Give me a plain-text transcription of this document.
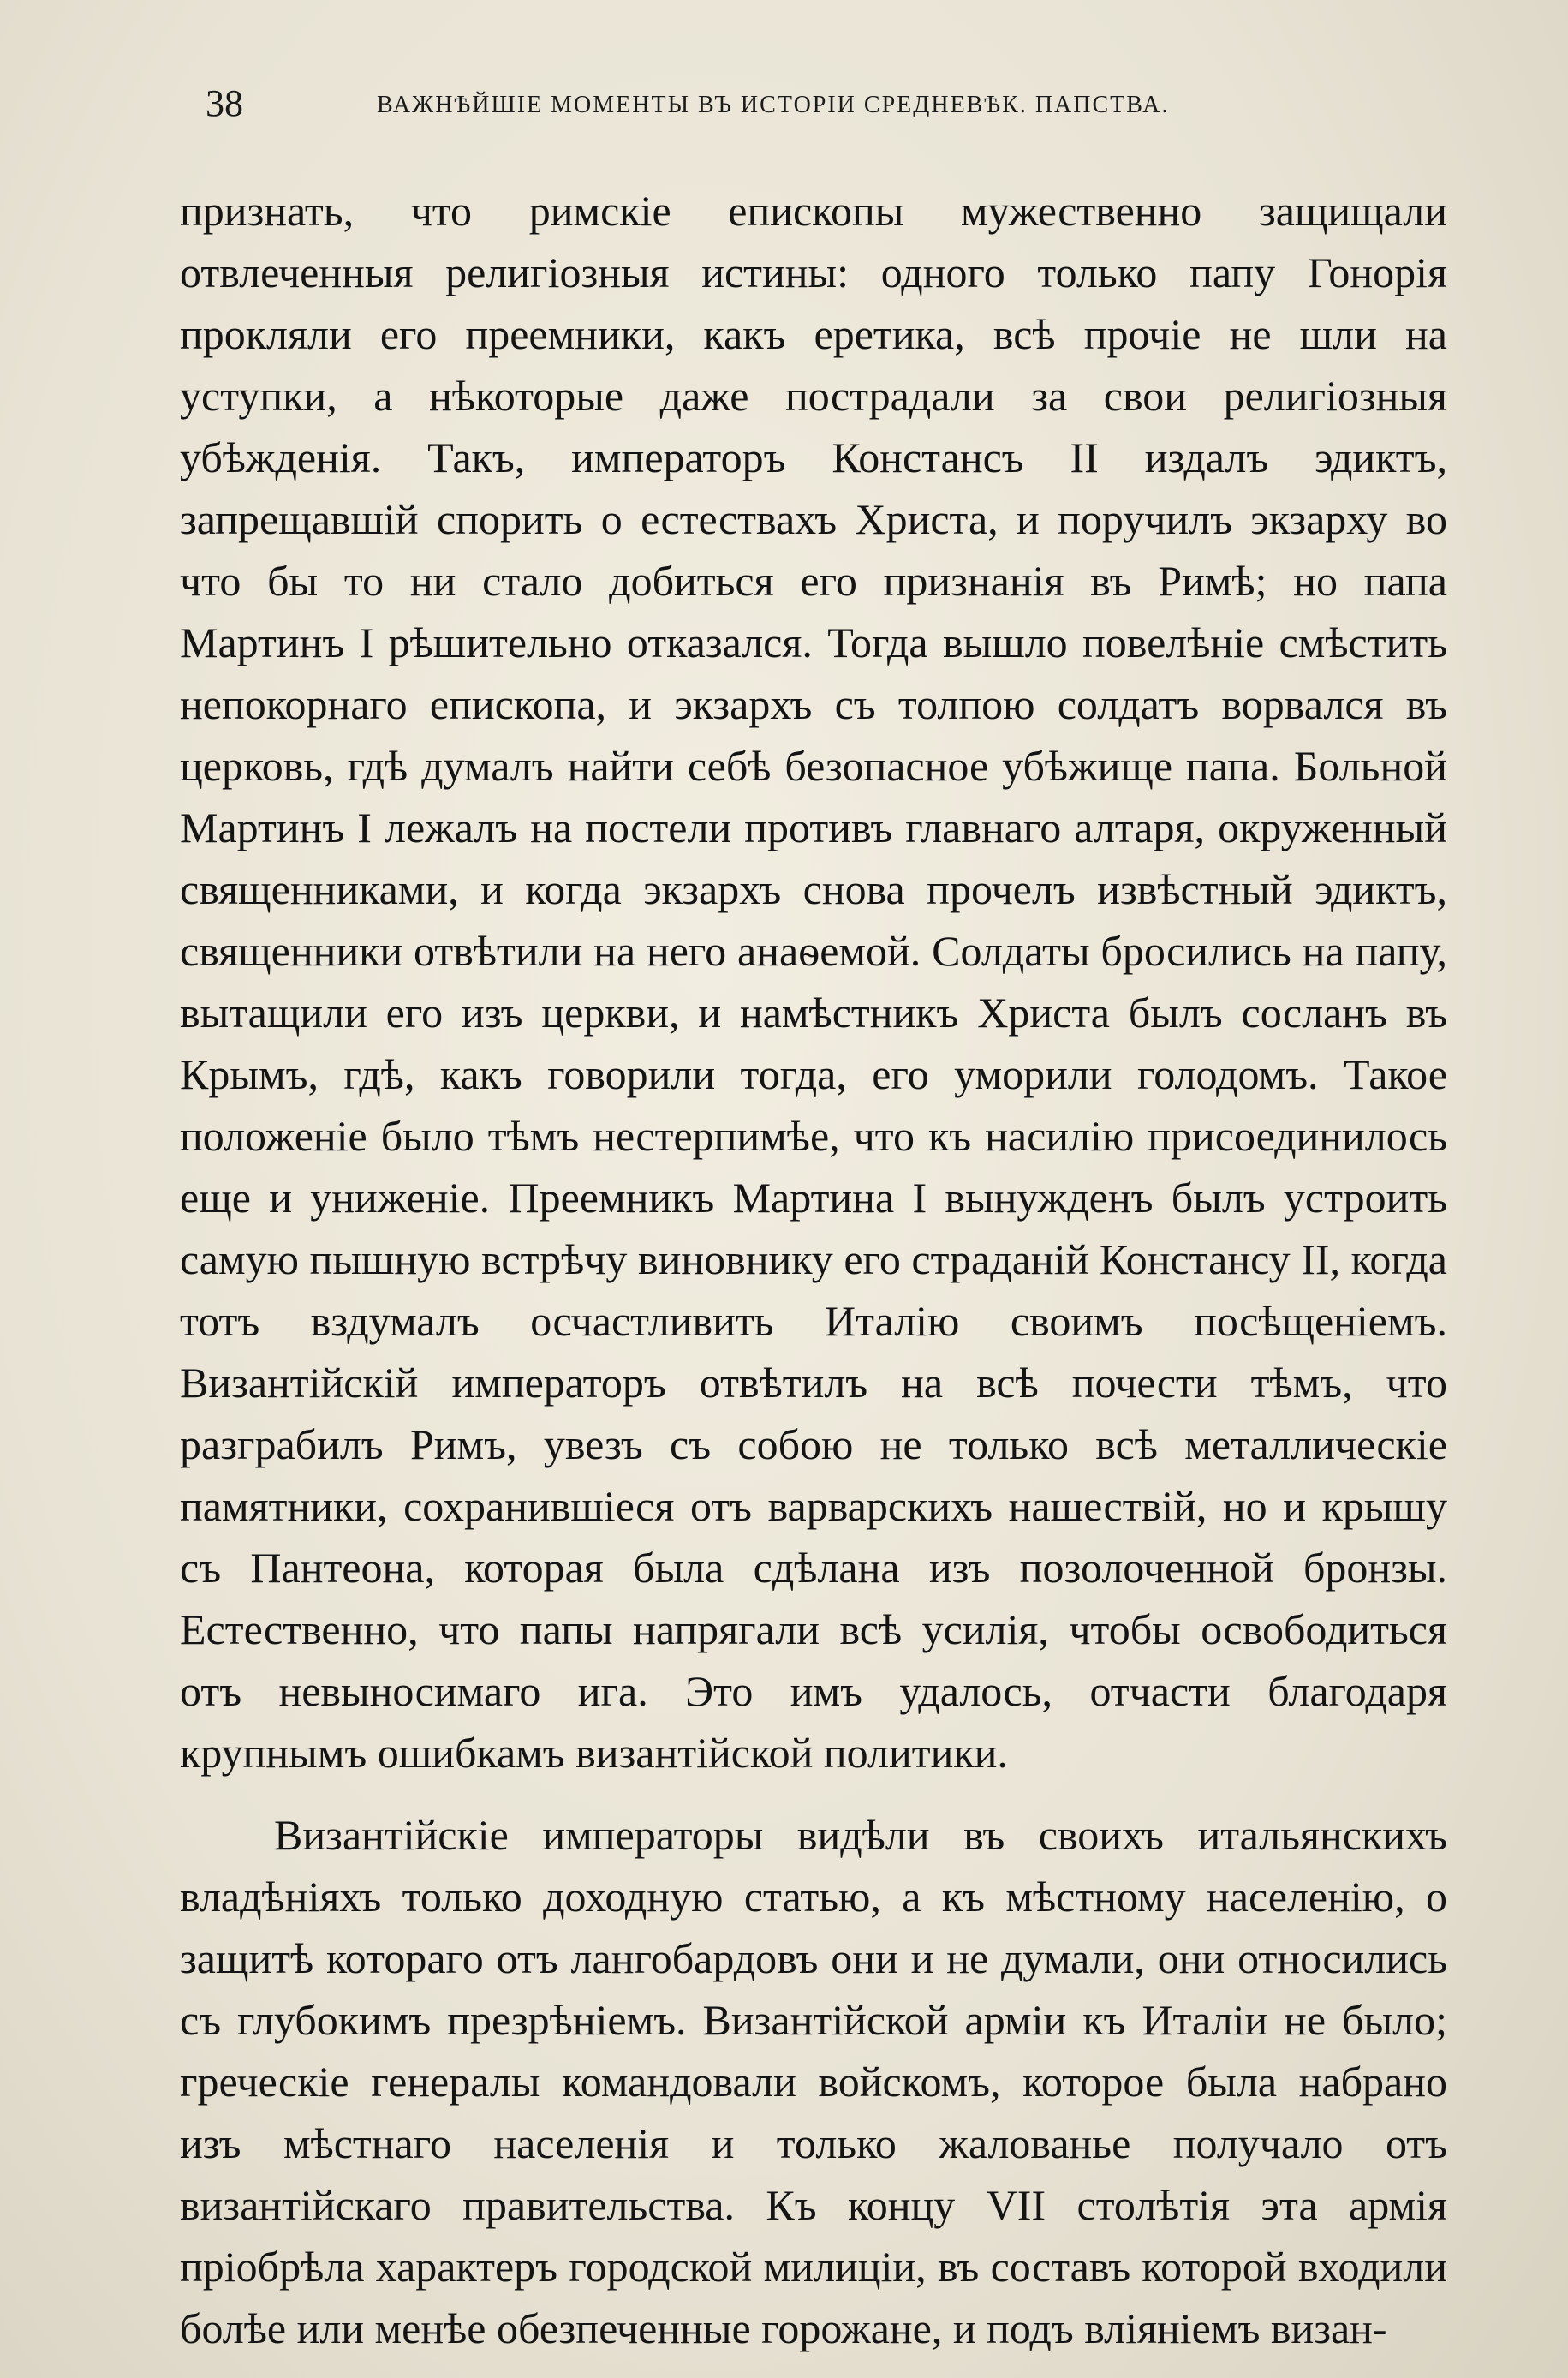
38	ВАЖНѢЙШІЕ МОМЕНТЫ ВЪ ИСТОРІИ СРЕДНЕВѢК. ПАПСТВА.

признать, что римскіе епископы мужественно защищали отвлеченныя религіозныя истины: одного только папу Гонорія прокляли его преемники, какъ еретика, всѣ прочіе не шли на уступки, а нѣкоторые даже пострадали за свои религіозныя убѣжденія. Такъ, императоръ Констансъ II издалъ эдиктъ, запрещавшій спорить о естествахъ Христа, и поручилъ экзарху во что бы то ни стало добиться его признанія въ Римѣ; но папа Мартинъ I рѣшительно отказался. Тогда вышло повелѣніе смѣстить непокорнаго епископа, и экзархъ съ толпою солдатъ ворвался въ церковь, гдѣ думалъ найти себѣ безопасное убѣжище папа. Больной Мартинъ I лежалъ на постели противъ главнаго алтаря, окруженный священниками, и когда экзархъ снова прочелъ извѣстный эдиктъ, священники отвѣтили на него анаѳемой. Солдаты бросились на папу, вытащили его изъ церкви, и намѣстникъ Христа былъ сосланъ въ Крымъ, гдѣ, какъ говорили тогда, его уморили голодомъ. Такое положеніе было тѣмъ нестерпимѣе, что къ насилію присоединилось еще и униженіе. Преемникъ Мартина I вынужденъ былъ устроить самую пышную встрѣчу виновнику его страданій Констансу II, когда тотъ вздумалъ осчастливить Италію своимъ посѣщеніемъ. Византійскій императоръ отвѣтилъ на всѣ почести тѣмъ, что разграбилъ Римъ, увезъ съ собою не только всѣ металлическіе памятники, сохранившіеся отъ варварскихъ нашествій, но и крышу съ Пантеона, которая была сдѣлана изъ позолоченной бронзы. Естественно, что папы напрягали всѣ усилія, чтобы освободиться отъ невыносимаго ига. Это имъ удалось, отчасти благодаря крупнымъ ошибкамъ византійской политики.

Византійскіе императоры видѣли въ своихъ итальянскихъ владѣніяхъ только доходную статью, а къ мѣстному населенію, о защитѣ котораго отъ лангобардовъ они и не думали, они относились съ глубокимъ презрѣніемъ. Византійской арміи къ Италіи не было; греческіе генералы командовали войскомъ, которое была набрано изъ мѣстнаго населенія и только жалованье получало отъ византійскаго правительства. Къ концу VII столѣтія эта армія пріобрѣла характеръ городской милиціи, въ составъ которой входили болѣе или менѣе обезпеченные горожане, и подъ вліяніемъ визан-
